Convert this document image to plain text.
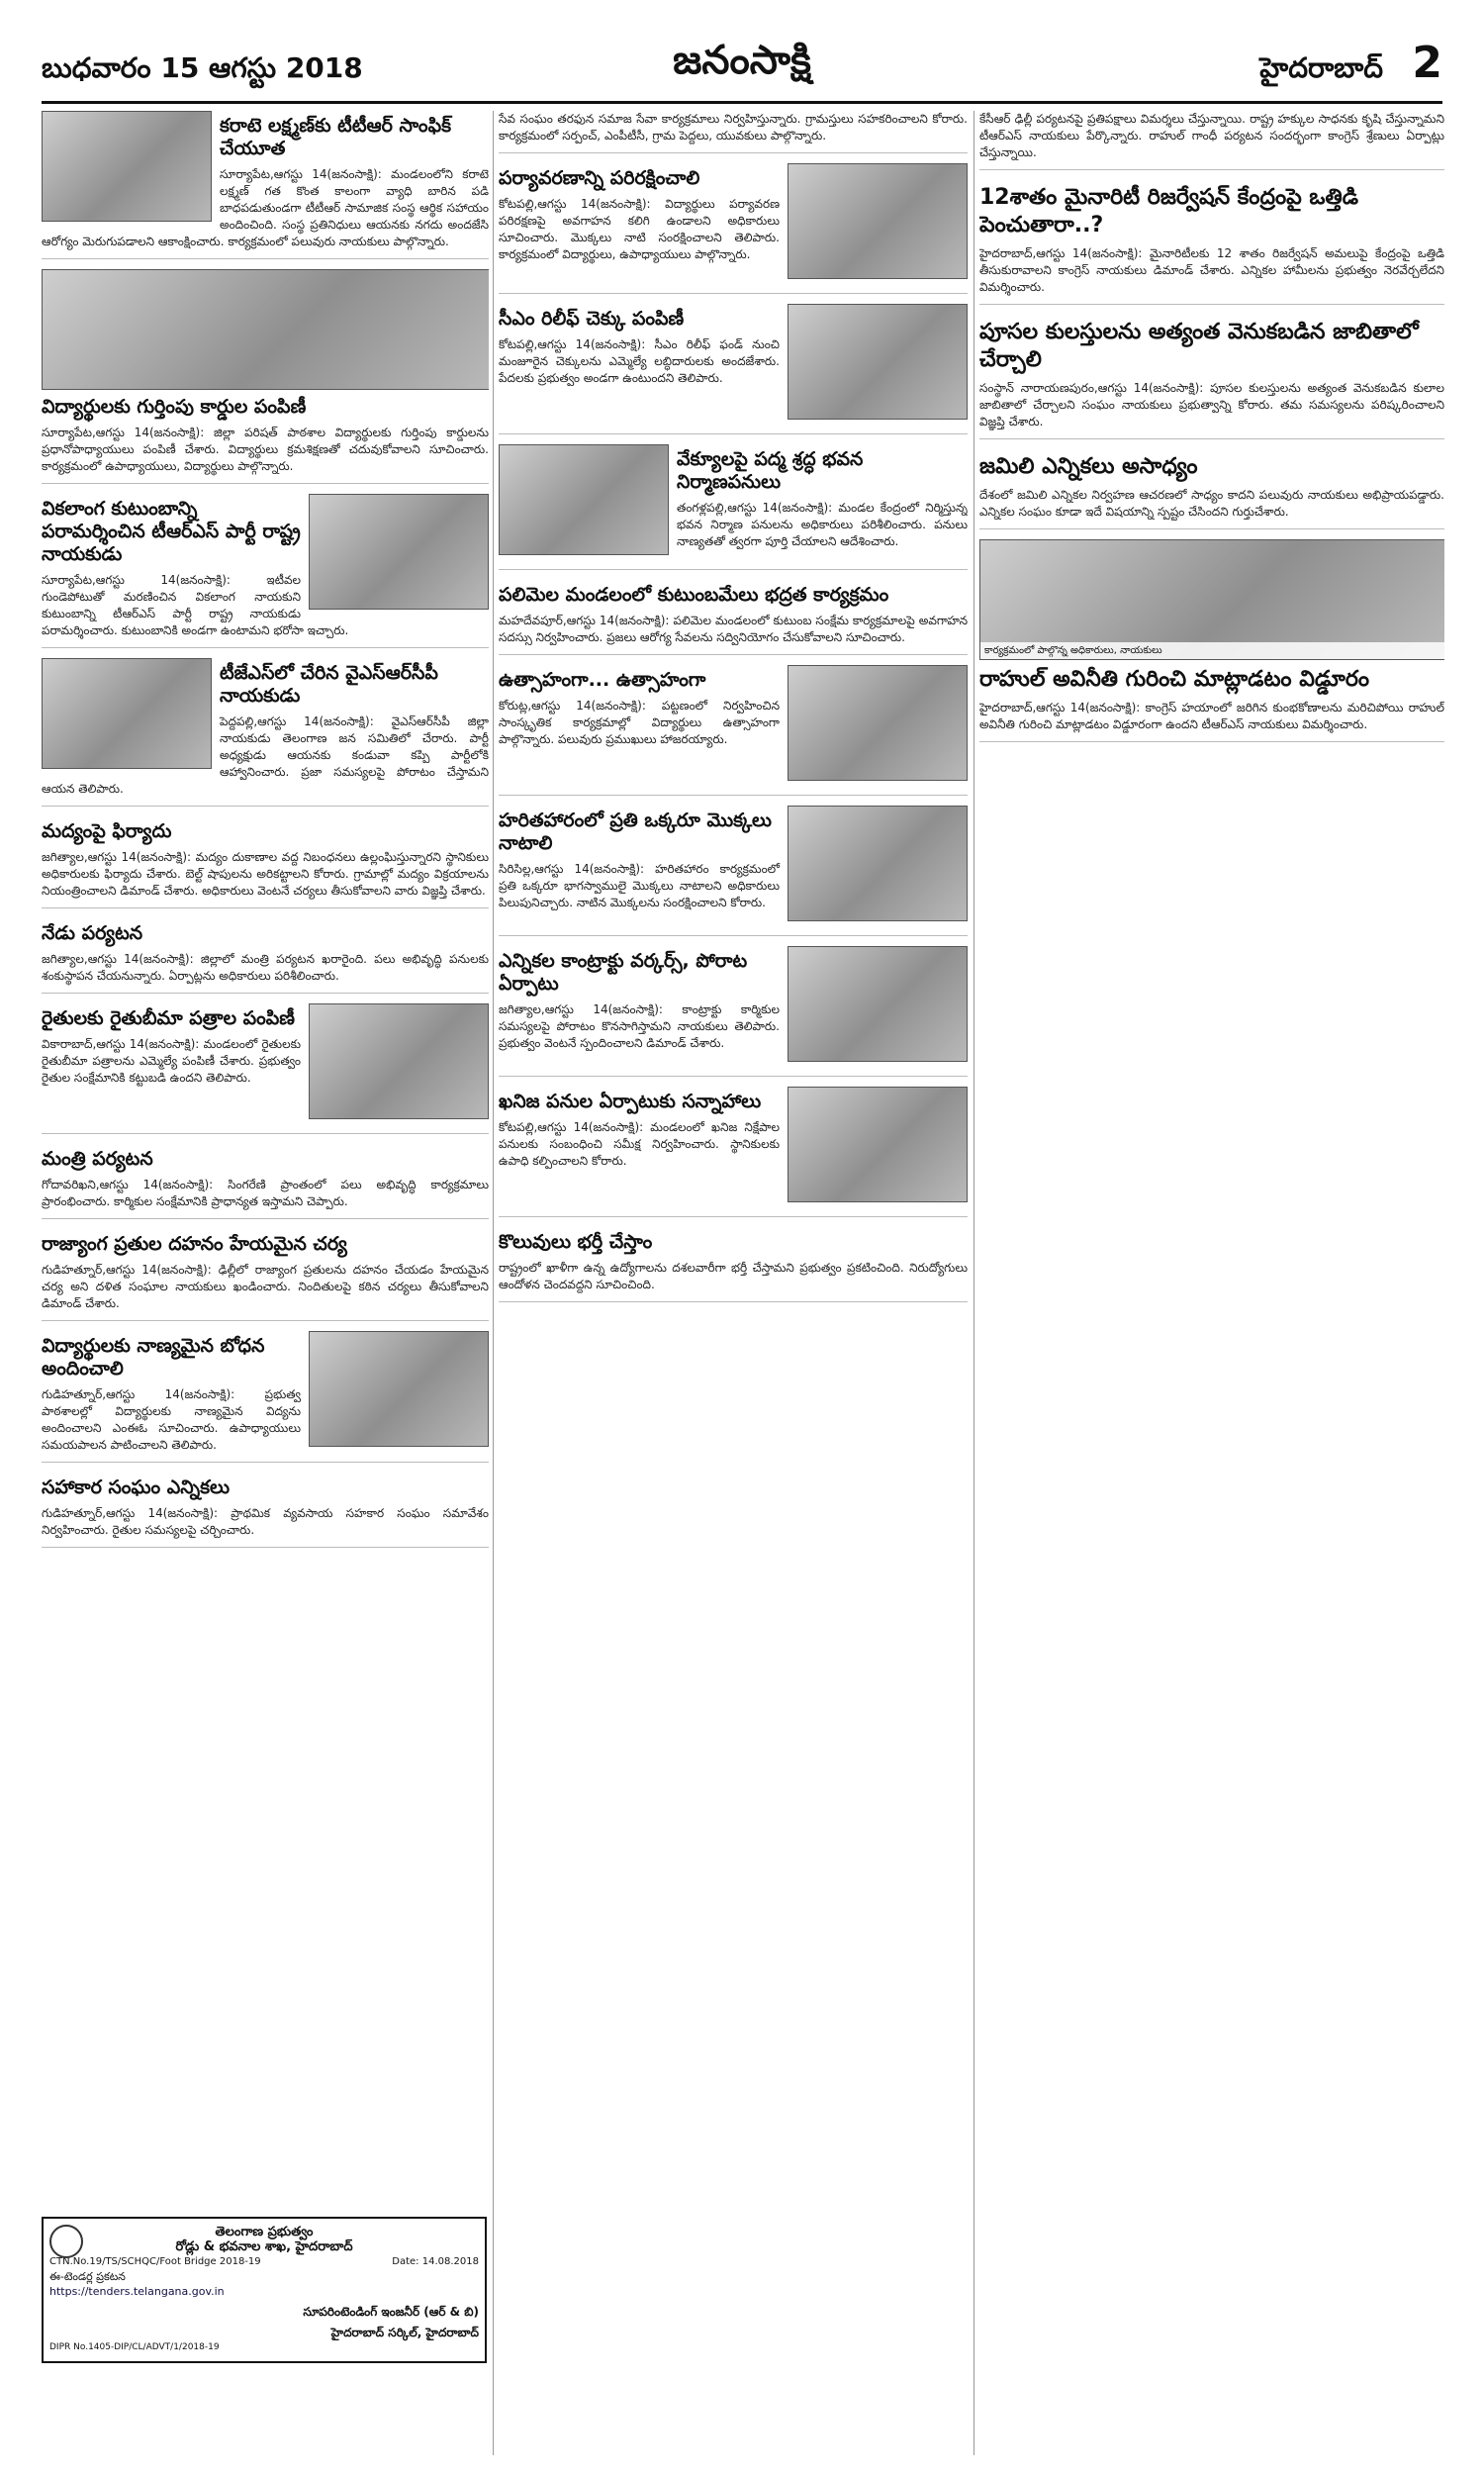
బుధవారం 15 ఆగస్టు 2018	జనంసాక్షి	హైదరాబాద్ 2
కరాటె లక్ష్మణ్‌కు టీటీఆర్ సాంఫిక్‌ చేయూత

సూర్యాపేట,ఆగస్టు 14(జనంసాక్షి): మండలంలోని కరాటె లక్ష్మణ్ గత కొంత కాలంగా వ్యాధి బారిన పడి బాధపడుతుండగా టీటీఆర్ సామాజిక సంస్థ ఆర్థిక సహాయం అందించింది. సంస్థ ప్రతినిధులు ఆయనకు నగదు అందజేసి ఆరోగ్యం మెరుగుపడాలని ఆకాంక్షించారు. కార్యక్రమంలో పలువురు నాయకులు పాల్గొన్నారు.

విద్యార్థులకు గుర్తింపు కార్డుల పంపిణీ

సూర్యాపేట,ఆగస్టు 14(జనంసాక్షి): జిల్లా పరిషత్ పాఠశాల విద్యార్థులకు గుర్తింపు కార్డులను ప్రధానోపాధ్యాయులు పంపిణీ చేశారు. విద్యార్థులు క్రమశిక్షణతో చదువుకోవాలని సూచించారు. కార్యక్రమంలో ఉపాధ్యాయులు, విద్యార్థులు పాల్గొన్నారు.

వికలాంగ కుటుంబాన్ని పరామర్శించిన టీఆర్ఎస్ పార్టీ రాష్ట్ర నాయకుడు

సూర్యాపేట,ఆగస్టు 14(జనంసాక్షి): ఇటీవల గుండెపోటుతో మరణించిన వికలాంగ నాయకుని కుటుంబాన్ని టీఆర్ఎస్ పార్టీ రాష్ట్ర నాయకుడు పరామర్శించారు. కుటుంబానికి అండగా ఉంటామని భరోసా ఇచ్చారు.

టీజేఎస్‌లో చేరిన వైఎస్ఆర్‌సీపీ నాయకుడు

పెద్దపల్లి,ఆగస్టు 14(జనంసాక్షి): వైఎస్ఆర్‌సీపీ జిల్లా నాయకుడు తెలంగాణ జన సమితిలో చేరారు. పార్టీ అధ్యక్షుడు ఆయనకు కండువా కప్పి పార్టీలోకి ఆహ్వానించారు. ప్రజా సమస్యలపై పోరాటం చేస్తామని ఆయన తెలిపారు.

మద్యంపై ఫిర్యాదు

జగిత్యాల,ఆగస్టు 14(జనంసాక్షి): మద్యం దుకాణాల వద్ద నిబంధనలు ఉల్లంఘిస్తున్నారని స్థానికులు అధికారులకు ఫిర్యాదు చేశారు. బెల్ట్ షాపులను అరికట్టాలని కోరారు. గ్రామాల్లో మద్యం విక్రయాలను నియంత్రించాలని డిమాండ్ చేశారు. అధికారులు వెంటనే చర్యలు తీసుకోవాలని వారు విజ్ఞప్తి చేశారు.

నేడు పర్యటన

జగిత్యాల,ఆగస్టు 14(జనంసాక్షి): జిల్లాలో మంత్రి పర్యటన ఖరారైంది. పలు అభివృద్ధి పనులకు శంకుస్థాపన చేయనున్నారు. ఏర్పాట్లను అధికారులు పరిశీలించారు.

రైతులకు రైతుబీమా పత్రాల పంపిణీ

వికారాబాద్,ఆగస్టు 14(జనంసాక్షి): మండలంలో రైతులకు రైతుబీమా పత్రాలను ఎమ్మెల్యే పంపిణీ చేశారు. ప్రభుత్వం రైతుల సంక్షేమానికి కట్టుబడి ఉందని తెలిపారు.

మంత్రి పర్యటన

గోదావరిఖని,ఆగస్టు 14(జనంసాక్షి): సింగరేణి ప్రాంతంలో పలు అభివృద్ధి కార్యక్రమాలు ప్రారంభించారు. కార్మికుల సంక్షేమానికి ప్రాధాన్యత ఇస్తామని చెప్పారు.

రాజ్యాంగ ప్రతుల దహనం హేయమైన చర్య

గుడిహత్నూర్,ఆగస్టు 14(జనంసాక్షి): ఢిల్లీలో రాజ్యాంగ ప్రతులను దహనం చేయడం హేయమైన చర్య అని దళిత సంఘాల నాయకులు ఖండించారు. నిందితులపై కఠిన చర్యలు తీసుకోవాలని డిమాండ్ చేశారు.

విద్యార్థులకు నాణ్యమైన బోధన అందించాలి

గుడిహత్నూర్,ఆగస్టు 14(జనంసాక్షి): ప్రభుత్వ పాఠశాలల్లో విద్యార్థులకు నాణ్యమైన విద్యను అందించాలని ఎంఈఓ సూచించారు. ఉపాధ్యాయులు సమయపాలన పాటించాలని తెలిపారు.

సహాకార సంఘం ఎన్నికలు

గుడిహత్నూర్,ఆగస్టు 14(జనంసాక్షి): ప్రాథమిక వ్యవసాయ సహకార సంఘం సమావేశం నిర్వహించారు. రైతుల సమస్యలపై చర్చించారు.

సేవ సంఘం తరఫున సమాజ సేవా కార్యక్రమాలు నిర్వహిస్తున్నారు. గ్రామస్తులు సహకరించాలని కోరారు. కార్యక్రమంలో సర్పంచ్, ఎంపీటీసీ, గ్రామ పెద్దలు, యువకులు పాల్గొన్నారు.

పర్యావరణాన్ని పరిరక్షించాలి

కోటపల్లి,ఆగస్టు 14(జనంసాక్షి): విద్యార్థులు పర్యావరణ పరిరక్షణపై అవగాహన కలిగి ఉండాలని అధికారులు సూచించారు. మొక్కలు నాటి సంరక్షించాలని తెలిపారు. కార్యక్రమంలో విద్యార్థులు, ఉపాధ్యాయులు పాల్గొన్నారు.

సీఎం రిలీఫ్ చెక్కు పంపిణీ

కోటపల్లి,ఆగస్టు 14(జనంసాక్షి): సీఎం రిలీఫ్ ఫండ్ నుంచి మంజూరైన చెక్కులను ఎమ్మెల్యే లబ్ధిదారులకు అందజేశారు. పేదలకు ప్రభుత్వం అండగా ఉంటుందని తెలిపారు.

వేక్యూలపై పద్మ శ్రద్ధ భవన నిర్మాణపనులు

తంగళ్లపల్లి,ఆగస్టు 14(జనంసాక్షి): మండల కేంద్రంలో నిర్మిస్తున్న భవన నిర్మాణ పనులను అధికారులు పరిశీలించారు. పనులు నాణ్యతతో త్వరగా పూర్తి చేయాలని ఆదేశించారు.

పలిమెల మండలంలో కుటుంబమేలు భద్రత కార్యక్రమం

మహదేవపూర్,ఆగస్టు 14(జనంసాక్షి): పలిమెల మండలంలో కుటుంబ సంక్షేమ కార్యక్రమాలపై అవగాహన సదస్సు నిర్వహించారు. ప్రజలు ఆరోగ్య సేవలను సద్వినియోగం చేసుకోవాలని సూచించారు.

ఉత్సాహంగా... ఉత్సాహంగా

కోరుట్ల,ఆగస్టు 14(జనంసాక్షి): పట్టణంలో నిర్వహించిన సాంస్కృతిక కార్యక్రమాల్లో విద్యార్థులు ఉత్సాహంగా పాల్గొన్నారు. పలువురు ప్రముఖులు హాజరయ్యారు.

హరితహారంలో ప్రతి ఒక్కరూ మొక్కలు నాటాలి

సిరిసిల్ల,ఆగస్టు 14(జనంసాక్షి): హరితహారం కార్యక్రమంలో ప్రతి ఒక్కరూ భాగస్వాములై మొక్కలు నాటాలని అధికారులు పిలుపునిచ్చారు. నాటిన మొక్కలను సంరక్షించాలని కోరారు.

ఎన్నికల కాంట్రాక్టు వర్కర్స్, పోరాట ఏర్పాటు

జగిత్యాల,ఆగస్టు 14(జనంసాక్షి): కాంట్రాక్టు కార్మికుల సమస్యలపై పోరాటం కొనసాగిస్తామని నాయకులు తెలిపారు. ప్రభుత్వం వెంటనే స్పందించాలని డిమాండ్ చేశారు.

ఖనిజ పనుల ఏర్పాటుకు సన్నాహాలు

కోటపల్లి,ఆగస్టు 14(జనంసాక్షి): మండలంలో ఖనిజ నిక్షేపాల పనులకు సంబంధించి సమీక్ష నిర్వహించారు. స్థానికులకు ఉపాధి కల్పించాలని కోరారు.

కొలువులు భర్తీ చేస్తాం

రాష్ట్రంలో ఖాళీగా ఉన్న ఉద్యోగాలను దశలవారీగా భర్తీ చేస్తామని ప్రభుత్వం ప్రకటించింది. నిరుద్యోగులు ఆందోళన చెందవద్దని సూచించింది.

కేసీఆర్ ఢిల్లీ పర్యటనపై ప్రతిపక్షాలు విమర్శలు చేస్తున్నాయి. రాష్ట్ర హక్కుల సాధనకు కృషి చేస్తున్నామని టీఆర్ఎస్ నాయకులు పేర్కొన్నారు. రాహుల్ గాంధీ పర్యటన సందర్భంగా కాంగ్రెస్ శ్రేణులు ఏర్పాట్లు చేస్తున్నాయి.

12శాతం మైనారిటీ రిజర్వేషన్‌ కేంద్రంపై ఒత్తిడి పెంచుతారా..?

హైదరాబాద్,ఆగస్టు 14(జనంసాక్షి): మైనారిటీలకు 12 శాతం రిజర్వేషన్ అమలుపై కేంద్రంపై ఒత్తిడి తీసుకురావాలని కాంగ్రెస్ నాయకులు డిమాండ్ చేశారు. ఎన్నికల హామీలను ప్రభుత్వం నెరవేర్చలేదని విమర్శించారు.

పూసల కులస్తులను అత్యంత వెనుకబడిన జాబితాలో చేర్చాలి

సంస్థాన్ నారాయణపురం,ఆగస్టు 14(జనంసాక్షి): పూసల కులస్తులను అత్యంత వెనుకబడిన కులాల జాబితాలో చేర్చాలని సంఘం నాయకులు ప్రభుత్వాన్ని కోరారు. తమ సమస్యలను పరిష్కరించాలని విజ్ఞప్తి చేశారు.

జమిలి ఎన్నికలు అసాధ్యం

దేశంలో జమిలి ఎన్నికల నిర్వహణ ఆచరణలో సాధ్యం కాదని పలువురు నాయకులు అభిప్రాయపడ్డారు. ఎన్నికల సంఘం కూడా ఇదే విషయాన్ని స్పష్టం చేసిందని గుర్తుచేశారు.

కార్యక్రమంలో పాల్గొన్న అధికారులు, నాయకులు
రాహుల్ అవినీతి గురించి మాట్లాడటం విడ్డూరం

హైదరాబాద్,ఆగస్టు 14(జనంసాక్షి): కాంగ్రెస్ హయాంలో జరిగిన కుంభకోణాలను మరిచిపోయి రాహుల్ అవినీతి గురించి మాట్లాడటం విడ్డూరంగా ఉందని టీఆర్ఎస్ నాయకులు విమర్శించారు.

తెలంగాణ ప్రభుత్వం
రోడ్లు & భవనాల శాఖ, హైదరాబాద్
CTN.No.19/TS/SCHQC/Foot Bridge 2018-19	Date: 14.08.2018
ఈ-టెండర్ల ప్రకటన
https://tenders.telangana.gov.in
సూపరింటెండింగ్ ఇంజనీర్ (ఆర్ & బి)
హైదరాబాద్ సర్కిల్, హైదరాబాద్
DIPR No.1405-DIP/CL/ADVT/1/2018-19
